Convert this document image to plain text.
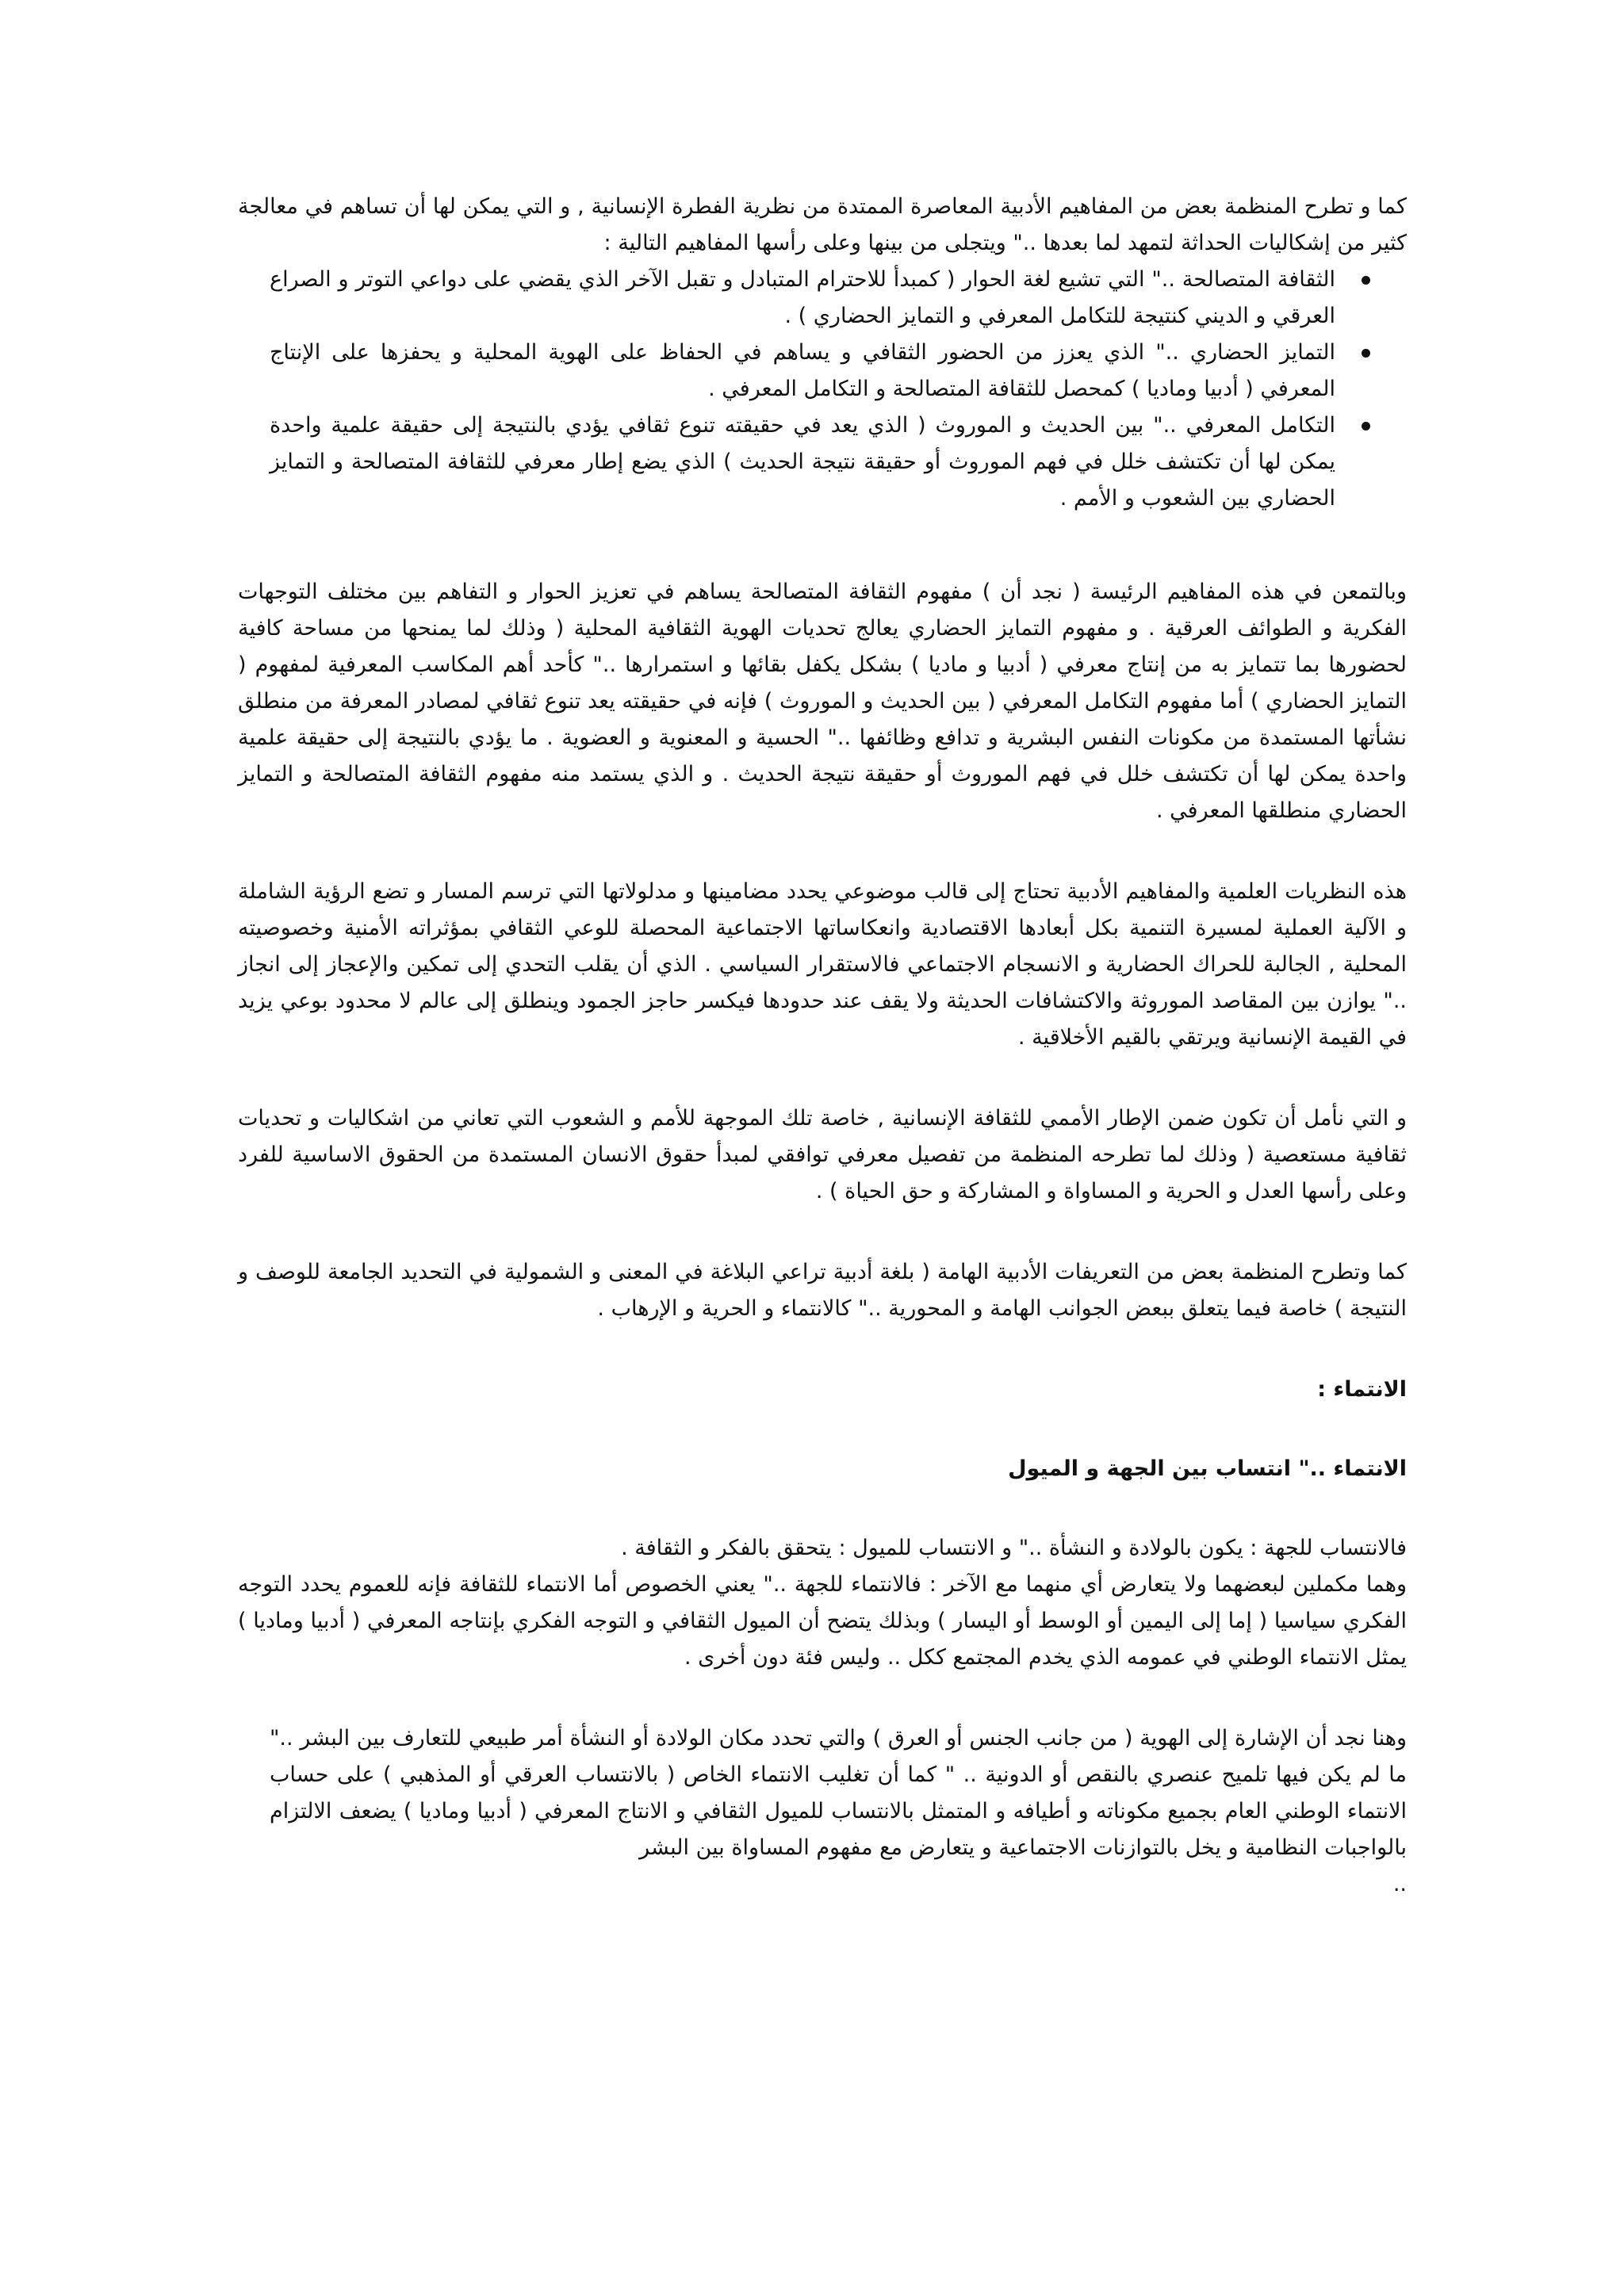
كما و تطرح المنظمة بعض من المفاهيم الأدبية المعاصرة الممتدة من نظرية الفطرة الإنسانية , و التي يمكن لها أن تساهم في معالجة كثير من إشكاليات الحداثة لتمهد لما بعدها .." ويتجلى من بينها وعلى رأسها المفاهيم التالية :

الثقافة المتصالحة .." التي تشيع لغة الحوار ( كمبدأ للاحترام المتبادل و تقبل الآخر الذي يقضي على دواعي التوتر و الصراع العرقي و الديني كنتيجة للتكامل المعرفي و التمايز الحضاري ) .
التمايز الحضاري .." الذي يعزز من الحضور الثقافي و يساهم في الحفاظ على الهوية المحلية و يحفزها على الإنتاج المعرفي ( أدبيا وماديا ) كمحصل للثقافة المتصالحة و التكامل المعرفي .
التكامل المعرفي .." بين الحديث و الموروث ( الذي يعد في حقيقته تنوع ثقافي يؤدي بالنتيجة إلى حقيقة علمية واحدة يمكن لها أن تكتشف خلل في فهم الموروث أو حقيقة نتيجة الحديث ) الذي يضع إطار معرفي للثقافة المتصالحة و التمايز الحضاري بين الشعوب و الأمم .

وبالتمعن في هذه المفاهيم الرئيسة ( نجد أن ) مفهوم الثقافة المتصالحة يساهم في تعزيز الحوار و التفاهم بين مختلف التوجهات الفكرية و الطوائف العرقية . و مفهوم التمايز الحضاري يعالج تحديات الهوية الثقافية المحلية ( وذلك لما يمنحها من مساحة كافية لحضورها بما تتمايز به من إنتاج معرفي ( أدبيا و ماديا ) بشكل يكفل بقائها و استمرارها .." كأحد أهم المكاسب المعرفية لمفهوم ( التمايز الحضاري ) أما مفهوم التكامل المعرفي ( بين الحديث و الموروث ) فإنه في حقيقته يعد تنوع ثقافي لمصادر المعرفة من منطلق نشأتها المستمدة من مكونات النفس البشرية و تدافع وظائفها .." الحسية و المعنوية و العضوية . ما يؤدي بالنتيجة إلى حقيقة علمية واحدة يمكن لها أن تكتشف خلل في فهم الموروث أو حقيقة نتيجة الحديث . و الذي يستمد منه مفهوم الثقافة المتصالحة و التمايز الحضاري منطلقها المعرفي .

هذه النظريات العلمية والمفاهيم الأدبية تحتاج إلى قالب موضوعي يحدد مضامينها و مدلولاتها التي ترسم المسار و تضع الرؤية الشاملة و الآلية العملية لمسيرة التنمية بكل أبعادها الاقتصادية وانعكاساتها الاجتماعية المحصلة للوعي الثقافي بمؤثراته الأمنية وخصوصيته المحلية , الجالبة للحراك الحضارية و الانسجام الاجتماعي فالاستقرار السياسي . الذي أن يقلب التحدي إلى تمكين والإعجاز إلى انجاز .." يوازن بين المقاصد الموروثة والاكتشافات الحديثة ولا يقف عند حدودها فيكسر حاجز الجمود وينطلق إلى عالم لا محدود بوعي يزيد في القيمة الإنسانية ويرتقي بالقيم الأخلاقية .

و التي نأمل أن تكون ضمن الإطار الأممي للثقافة الإنسانية , خاصة تلك الموجهة للأمم و الشعوب التي تعاني من اشكاليات و تحديات ثقافية مستعصية ( وذلك لما تطرحه المنظمة من تفصيل معرفي توافقي لمبدأ حقوق الانسان المستمدة من الحقوق الاساسية للفرد وعلى رأسها العدل و الحرية و المساواة و المشاركة و حق الحياة ) .

كما وتطرح المنظمة بعض من التعريفات الأدبية الهامة ( بلغة أدبية تراعي البلاغة في المعنى و الشمولية في التحديد الجامعة للوصف و النتيجة ) خاصة فيما يتعلق ببعض الجوانب الهامة و المحورية .." كالانتماء و الحرية و الإرهاب .

الانتماء :

الانتماء .." انتساب بين الجهة و الميول

فالانتساب للجهة : يكون بالولادة و النشأة .." و الانتساب للميول : يتحقق بالفكر و الثقافة .

وهما مكملين لبعضهما ولا يتعارض أي منهما مع الآخر : فالانتماء للجهة .." يعني الخصوص أما الانتماء للثقافة فإنه للعموم يحدد التوجه الفكري سياسيا ( إما إلى اليمين أو الوسط أو اليسار ) وبذلك يتضح أن الميول الثقافي و التوجه الفكري بإنتاجه المعرفي ( أدبيا وماديا ) يمثل الانتماء الوطني في عمومه الذي يخدم المجتمع ككل .. وليس فئة دون أخرى .

وهنا نجد أن الإشارة إلى الهوية ( من جانب الجنس أو العرق ) والتي تحدد مكان الولادة أو النشأة أمر طبيعي للتعارف بين البشر .." ما لم يكن فيها تلميح عنصري بالنقص أو الدونية .. " كما أن تغليب الانتماء الخاص ( بالانتساب العرقي أو المذهبي ) على حساب الانتماء الوطني العام بجميع مكوناته و أطيافه و المتمثل بالانتساب للميول الثقافي و الانتاج المعرفي ( أدبيا وماديا ) يضعف الالتزام بالواجبات النظامية و يخل بالتوازنات الاجتماعية و يتعارض مع مفهوم المساواة بين البشر

..
